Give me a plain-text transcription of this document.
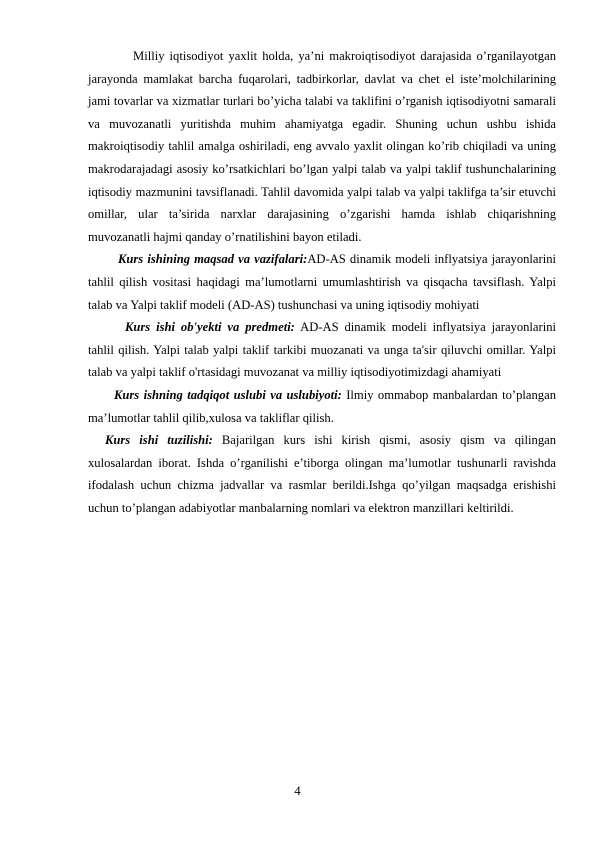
Milliy iqtisodiyot yaxlit holda, ya’ni makroiqtisodiyot darajasida o’rganilayotgan jarayonda mamlakat barcha fuqarolari, tadbirkorlar, davlat va chet el iste’molchilarining jami tovarlar va xizmatlar turlari bo’yicha talabi va taklifini o’rganish iqtisodiyotni samarali va muvozanatli yuritishda muhim ahamiyatga egadir. Shuning uchun ushbu ishida makroiqtisodiy tahlil amalga oshiriladi, eng avvalo yaxlit olingan ko’rib chiqiladi va uning makrodarajadagi asosiy ko’rsatkichlari bo’lgan yalpi talab va yalpi taklif tushunchalarining iqtisodiy mazmunini tavsiflanadi. Tahlil davomida yalpi talab va yalpi taklifga ta’sir etuvchi omillar, ular ta’sirida narxlar darajasining o’zgarishi hamda ishlab chiqarishning muvozanatli hajmi qanday o’rnatilishini bayon etiladi.

Kurs ishining maqsad va vazifalari:AD-AS dinamik modeli inflyatsiya jarayonlarini tahlil qilish vositasi haqidagi ma’lumotlarni umumlashtirish va qisqacha tavsiflash. Yalpi talab va Yalpi taklif modeli (AD-AS) tushunchasi va uning iqtisodiy mohiyati

Kurs ishi ob'yekti va predmeti: AD-AS dinamik modeli inflyatsiya jarayonlarini tahlil qilish. Yalpi talab yalpi taklif tarkibi muozanati va unga ta'sir qiluvchi omillar. Yalpi talab va yalpi taklif o'rtasidagi muvozanat va milliy iqtisodiyotimizdagi ahamiyati

Kurs ishning tadqiqot uslubi va uslubiyoti: Ilmiy ommabop manbalardan to’plangan ma’lumotlar tahlil qilib,xulosa va takliflar qilish.

Kurs ishi tuzilishi: Bajarilgan kurs ishi kirish qismi, asosiy qism va qilingan xulosalardan iborat. Ishda o’rganilishi e’tiborga olingan ma’lumotlar tushunarli ravishda ifodalash uchun chizma jadvallar va rasmlar berildi.Ishga qo’yilgan maqsadga erishishi uchun to’plangan adabiyotlar manbalarning nomlari va elektron manzillari keltirildi.

4
